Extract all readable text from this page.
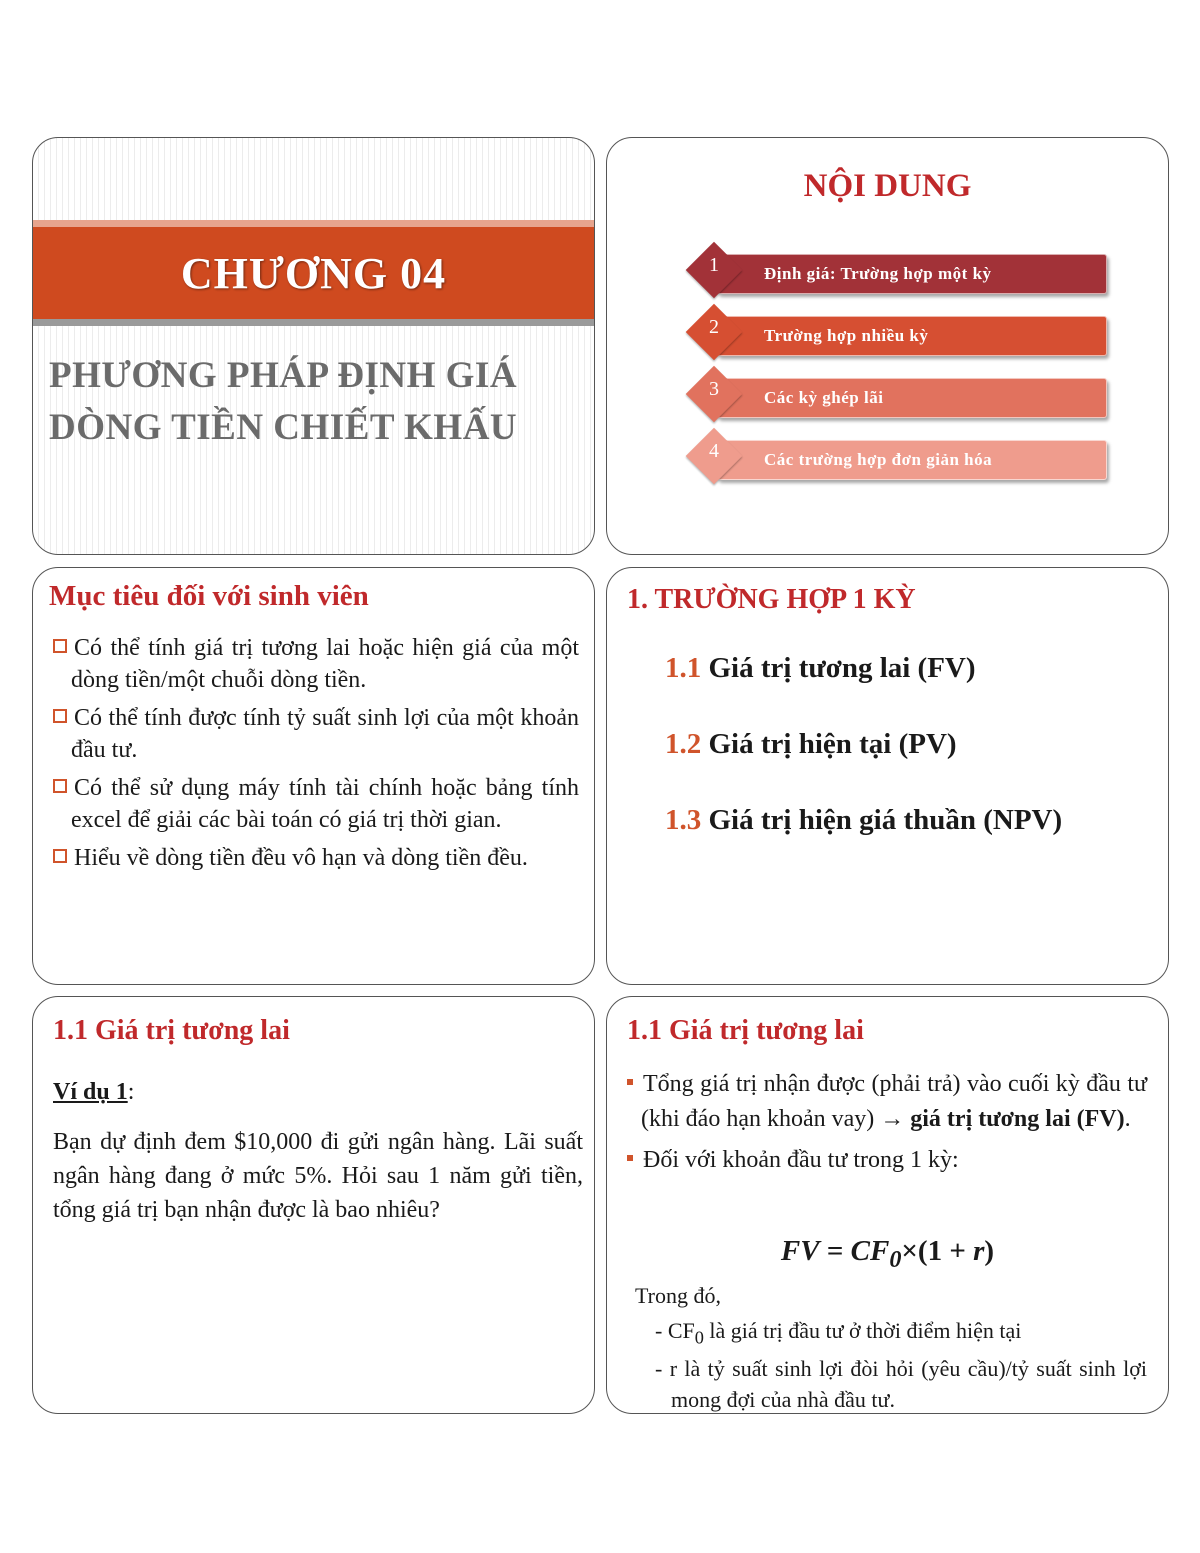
CHƯƠNG 04
PHƯƠNG PHÁP ĐỊNH GIÁ
DÒNG TIỀN CHIẾT KHẤU
NỘI DUNG
1	Định giá: Trường hợp một kỳ
2	Trường hợp nhiều kỳ
3	Các kỳ ghép lãi
4	Các trường hợp đơn giản hóa
Mục tiêu đối với sinh viên
Có thể tính giá trị tương lai hoặc hiện giá của một dòng tiền/một chuỗi dòng tiền.
Có thể tính được tính tỷ suất sinh lợi của một khoản đầu tư.
Có thể sử dụng máy tính tài chính hoặc bảng tính excel để giải các bài toán có giá trị thời gian.
Hiểu về dòng tiền đều vô hạn và dòng tiền đều.
1. TRƯỜNG HỢP 1 KỲ
1.1 Giá trị tương lai (FV)
1.2 Giá trị hiện tại (PV)
1.3 Giá trị hiện giá thuần (NPV)
1.1 Giá trị tương lai
Ví dụ 1:
Bạn dự định đem $10,000 đi gửi ngân hàng. Lãi suất ngân hàng đang ở mức 5%. Hỏi sau 1 năm gửi tiền, tổng giá trị bạn nhận được là bao nhiêu?
1.1 Giá trị tương lai
Tổng giá trị nhận được (phải trả) vào cuối kỳ đầu tư (khi đáo hạn khoản vay) → giá trị tương lai (FV).
Đối với khoản đầu tư trong 1 kỳ:
FV = $CF_0\times(1 + r)$
Trong đó,
- $CF_0$ là giá trị đầu tư ở thời điểm hiện tại
- r là tỷ suất sinh lợi đòi hỏi (yêu cầu)/tỷ suất sinh lợi mong đợi của nhà đầu tư.
